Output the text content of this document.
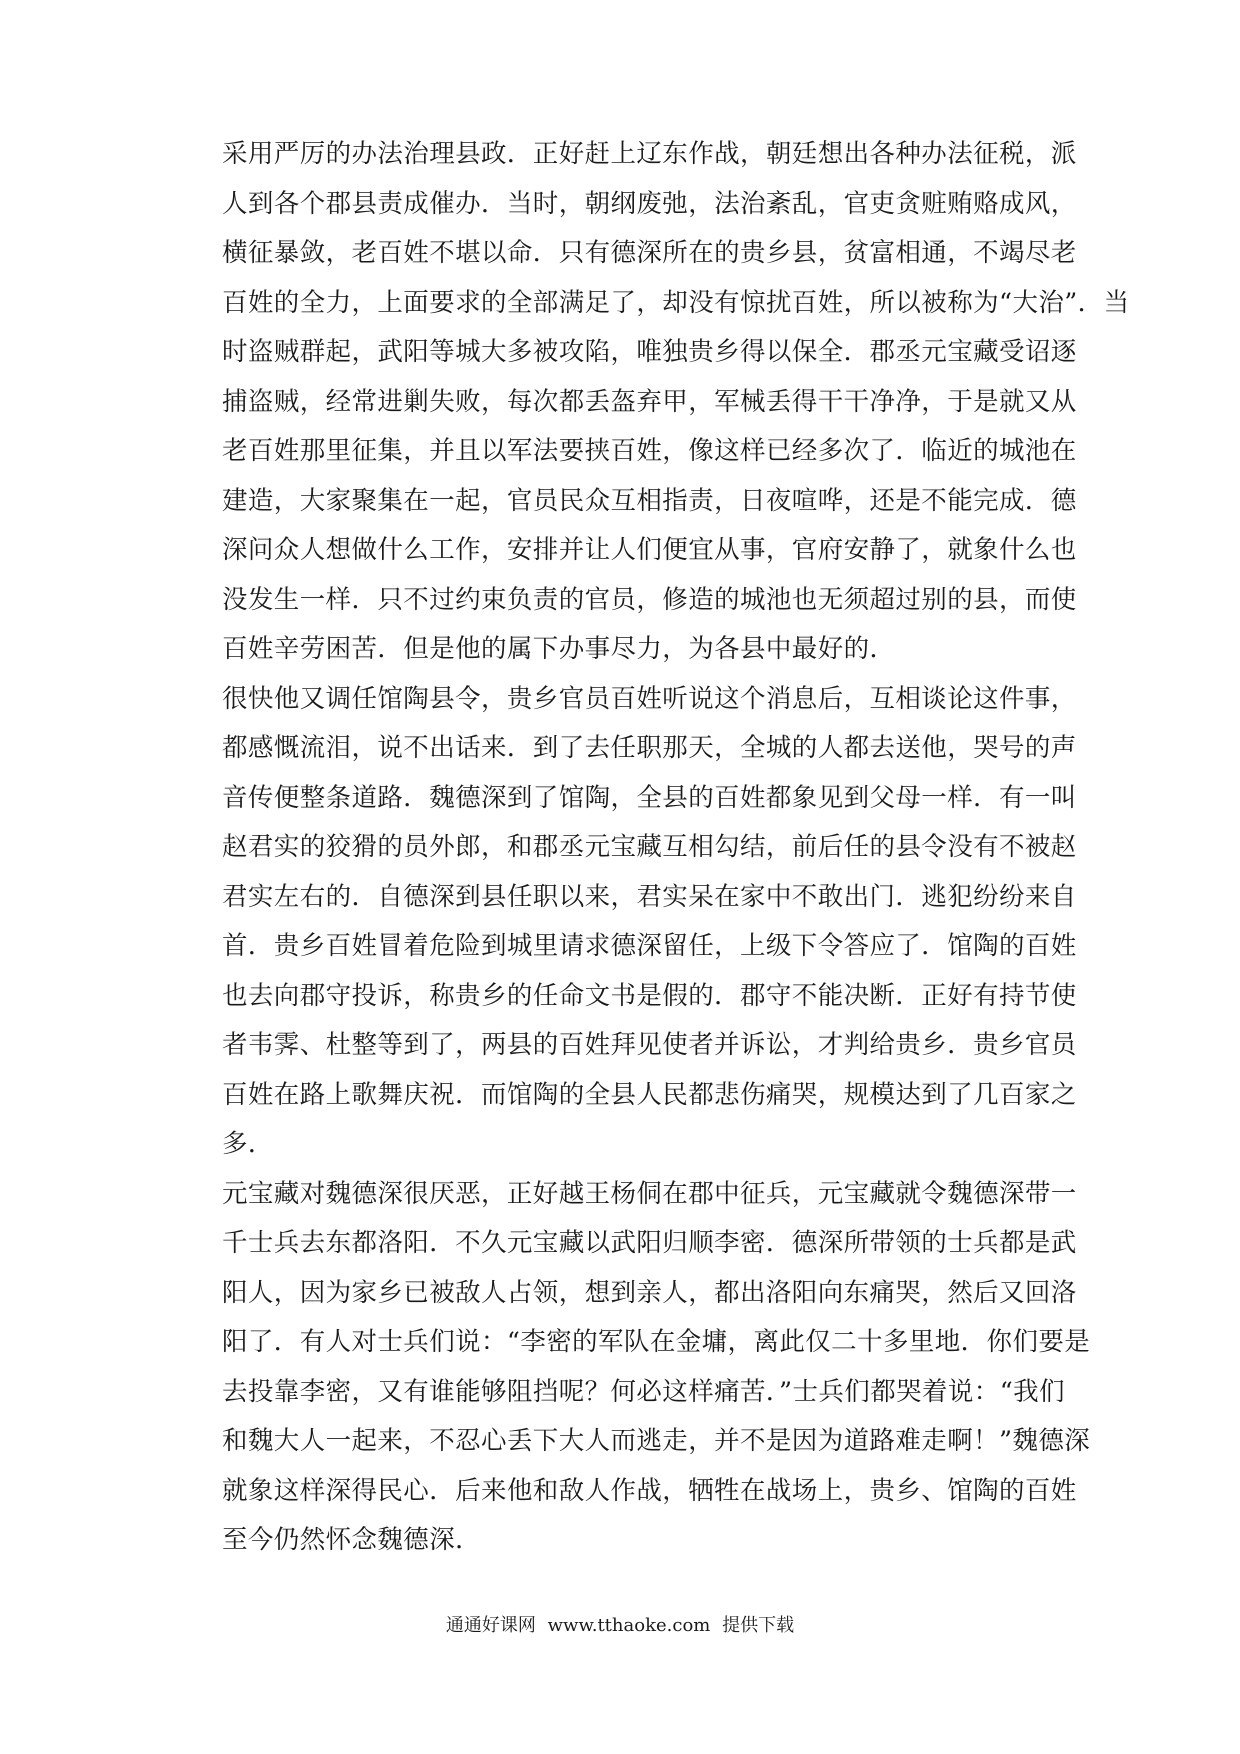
采用严厉的办法治理县政．正好赶上辽东作战，朝廷想出各种办法征税，派
人到各个郡县责成催办．当时，朝纲废弛，法治紊乱，官吏贪赃贿赂成风，
横征暴敛，老百姓不堪以命．只有德深所在的贵乡县，贫富相通，不竭尽老
百姓的全力，上面要求的全部满足了，却没有惊扰百姓，所以被称为“大治”．当
时盗贼群起，武阳等城大多被攻陷，唯独贵乡得以保全．郡丞元宝藏受诏逐
捕盗贼，经常进剿失败，每次都丢盔弃甲，军械丢得干干净净，于是就又从
老百姓那里征集，并且以军法要挟百姓，像这样已经多次了．临近的城池在
建造，大家聚集在一起，官员民众互相指责，日夜喧哗，还是不能完成．德
深问众人想做什么工作，安排并让人们便宜从事，官府安静了，就象什么也
没发生一样．只不过约束负责的官员，修造的城池也无须超过别的县，而使
百姓辛劳困苦．但是他的属下办事尽力，为各县中最好的．
很快他又调任馆陶县令，贵乡官员百姓听说这个消息后，互相谈论这件事，
都感慨流泪，说不出话来．到了去任职那天，全城的人都去送他，哭号的声
音传便整条道路．魏德深到了馆陶，全县的百姓都象见到父母一样．有一叫
赵君实的狡猾的员外郎，和郡丞元宝藏互相勾结，前后任的县令没有不被赵
君实左右的．自德深到县任职以来，君实呆在家中不敢出门．逃犯纷纷来自
首．贵乡百姓冒着危险到城里请求德深留任，上级下令答应了．馆陶的百姓
也去向郡守投诉，称贵乡的任命文书是假的．郡守不能决断．正好有持节使
者韦霁、杜整等到了，两县的百姓拜见使者并诉讼，才判给贵乡．贵乡官员
百姓在路上歌舞庆祝．而馆陶的全县人民都悲伤痛哭，规模达到了几百家之
多．
元宝藏对魏德深很厌恶，正好越王杨侗在郡中征兵，元宝藏就令魏德深带一
千士兵去东都洛阳．不久元宝藏以武阳归顺李密．德深所带领的士兵都是武
阳人，因为家乡已被敌人占领，想到亲人，都出洛阳向东痛哭，然后又回洛
阳了．有人对士兵们说：“李密的军队在金墉，离此仅二十多里地．你们要是
去投靠李密，又有谁能够阻挡呢？何必这样痛苦．”士兵们都哭着说：“我们
和魏大人一起来，不忍心丢下大人而逃走，并不是因为道路难走啊！”魏德深
就象这样深得民心．后来他和敌人作战，牺牲在战场上，贵乡、馆陶的百姓
至今仍然怀念魏德深．
通通好课网 www.tthaoke.com 提供下载
